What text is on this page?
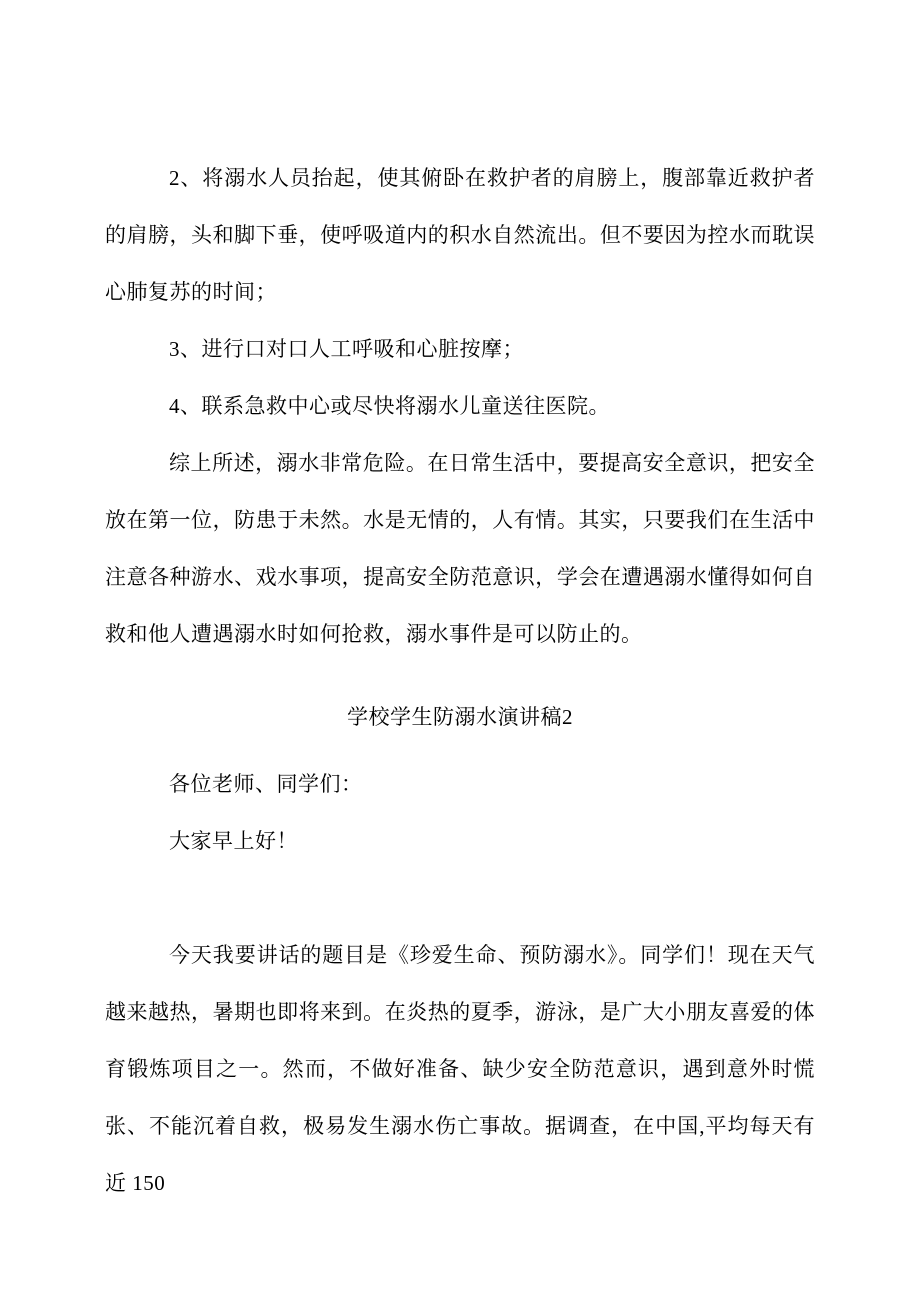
2、将溺水人员抬起，使其俯卧在救护者的肩膀上，腹部靠近救护者的肩膀，头和脚下垂，使呼吸道内的积水自然流出。但不要因为控水而耽误心肺复苏的时间；

3、进行口对口人工呼吸和心脏按摩；

4、联系急救中心或尽快将溺水儿童送往医院。

综上所述，溺水非常危险。在日常生活中，要提高安全意识，把安全放在第一位，防患于未然。水是无情的，人有情。其实，只要我们在生活中注意各种游水、戏水事项，提高安全防范意识，学会在遭遇溺水懂得如何自救和他人遭遇溺水时如何抢救，溺水事件是可以防止的。

学校学生防溺水演讲稿2

各位老师、同学们：

大家早上好！

今天我要讲话的题目是《珍爱生命、预防溺水》。同学们！现在天气越来越热，暑期也即将来到。在炎热的夏季，游泳，是广大小朋友喜爱的体育锻炼项目之一。然而，不做好准备、缺少安全防范意识，遇到意外时慌张、不能沉着自救，极易发生溺水伤亡事故。据调查，在中国,平均每天有近 150
